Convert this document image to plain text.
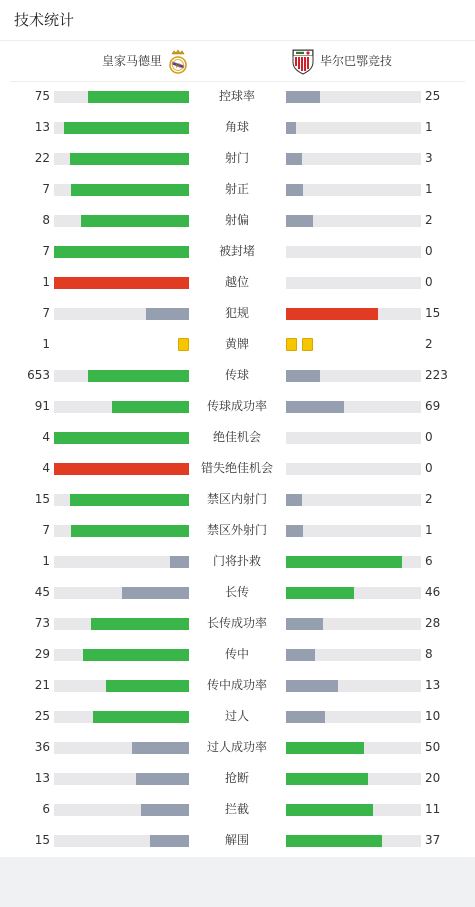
技术统计
皇家马德里 M	毕尔巴鄂竞技
75	控球率	25
13	角球	1
22	射门	3
7	射正	1
8	射偏	2
7	被封堵	0
1	越位	0
7	犯规	15
1	黄牌	2
653	传球	223
91	传球成功率	69
4	绝佳机会	0
4	错失绝佳机会	0
15	禁区内射门	2
7	禁区外射门	1
1	门将扑救	6
45	长传	46
73	长传成功率	28
29	传中	8
21	传中成功率	13
25	过人	10
36	过人成功率	50
13	抢断	20
6	拦截	11
15	解围	37
